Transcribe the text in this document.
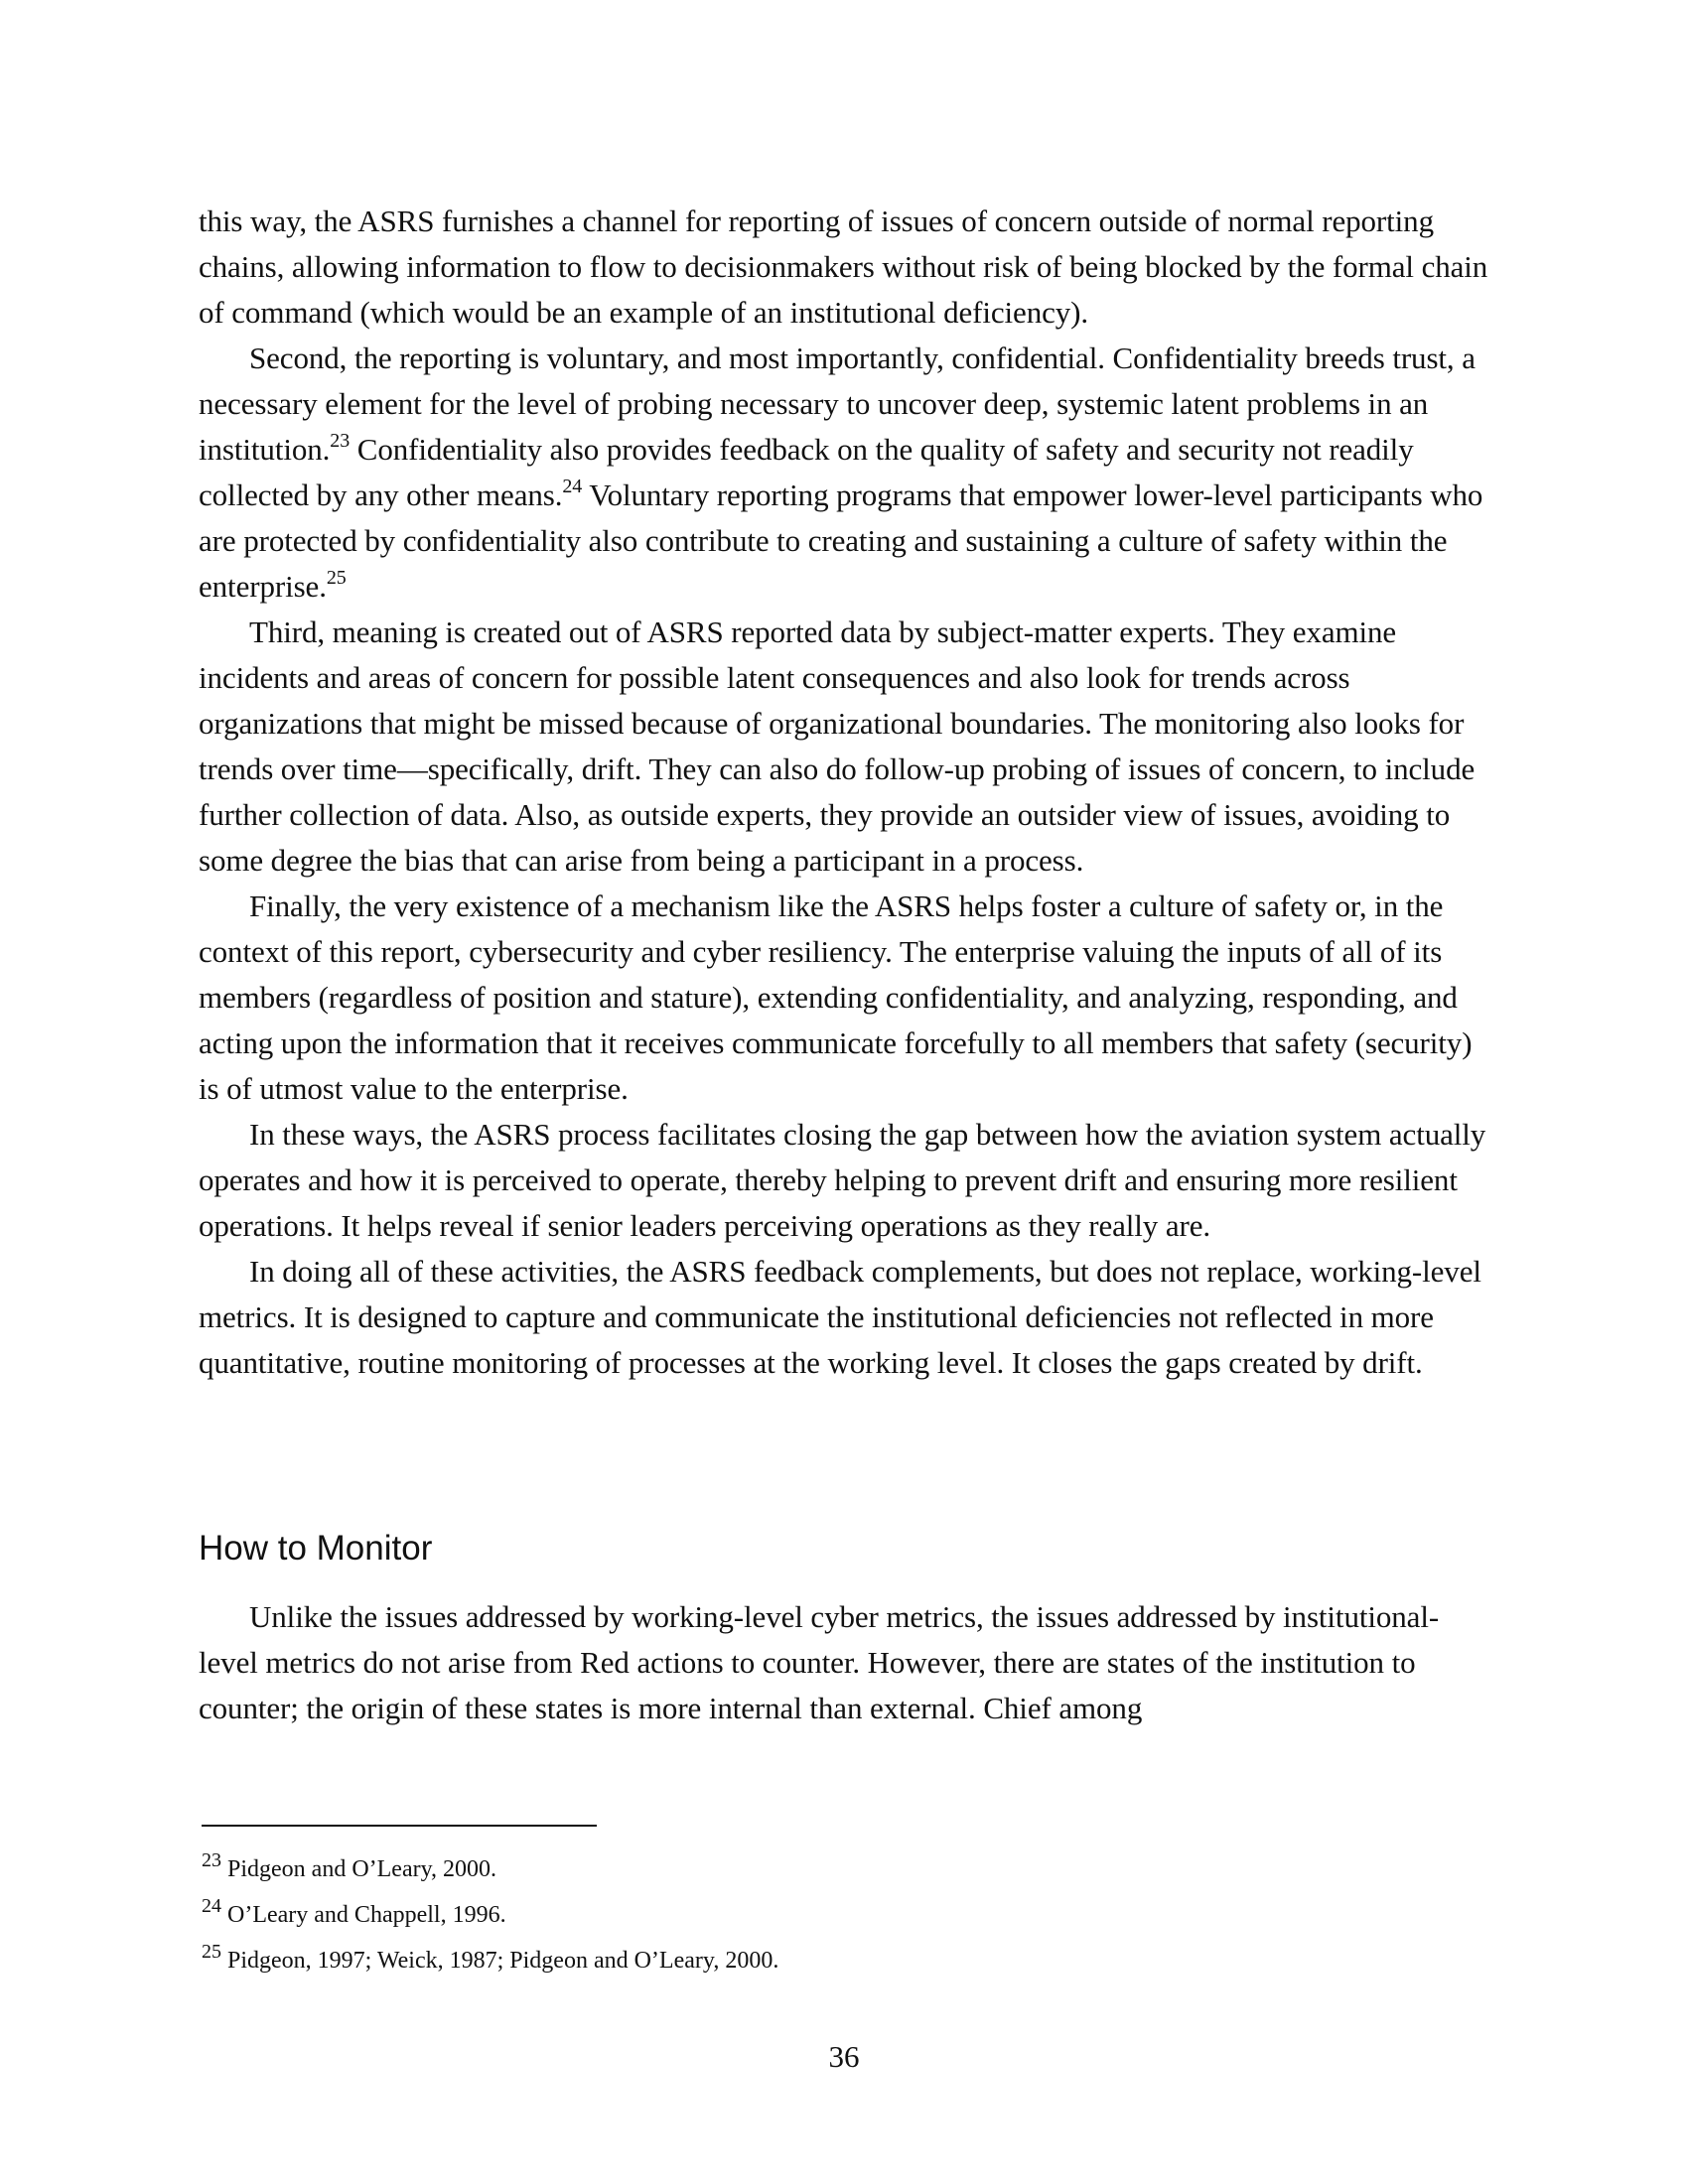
this way, the ASRS furnishes a channel for reporting of issues of concern outside of normal reporting chains, allowing information to flow to decisionmakers without risk of being blocked by the formal chain of command (which would be an example of an institutional deficiency).

Second, the reporting is voluntary, and most importantly, confidential. Confidentiality breeds trust, a necessary element for the level of probing necessary to uncover deep, systemic latent problems in an institution.$^{23}$ Confidentiality also provides feedback on the quality of safety and security not readily collected by any other means.$^{24}$ Voluntary reporting programs that empower lower-level participants who are protected by confidentiality also contribute to creating and sustaining a culture of safety within the enterprise.$^{25}$

Third, meaning is created out of ASRS reported data by subject-matter experts. They examine incidents and areas of concern for possible latent consequences and also look for trends across organizations that might be missed because of organizational boundaries. The monitoring also looks for trends over time—specifically, drift. They can also do follow-up probing of issues of concern, to include further collection of data. Also, as outside experts, they provide an outsider view of issues, avoiding to some degree the bias that can arise from being a participant in a process.

Finally, the very existence of a mechanism like the ASRS helps foster a culture of safety or, in the context of this report, cybersecurity and cyber resiliency. The enterprise valuing the inputs of all of its members (regardless of position and stature), extending confidentiality, and analyzing, responding, and acting upon the information that it receives communicate forcefully to all members that safety (security) is of utmost value to the enterprise.

In these ways, the ASRS process facilitates closing the gap between how the aviation system actually operates and how it is perceived to operate, thereby helping to prevent drift and ensuring more resilient operations. It helps reveal if senior leaders perceiving operations as they really are.

In doing all of these activities, the ASRS feedback complements, but does not replace, working-level metrics. It is designed to capture and communicate the institutional deficiencies not reflected in more quantitative, routine monitoring of processes at the working level. It closes the gaps created by drift.

How to Monitor

Unlike the issues addressed by working-level cyber metrics, the issues addressed by institutional-level metrics do not arise from Red actions to counter. However, there are states of the institution to counter; the origin of these states is more internal than external. Chief among

$^{23}$ Pidgeon and O’Leary, 2000.

$^{24}$ O’Leary and Chappell, 1996.

$^{25}$ Pidgeon, 1997; Weick, 1987; Pidgeon and O’Leary, 2000.

36
